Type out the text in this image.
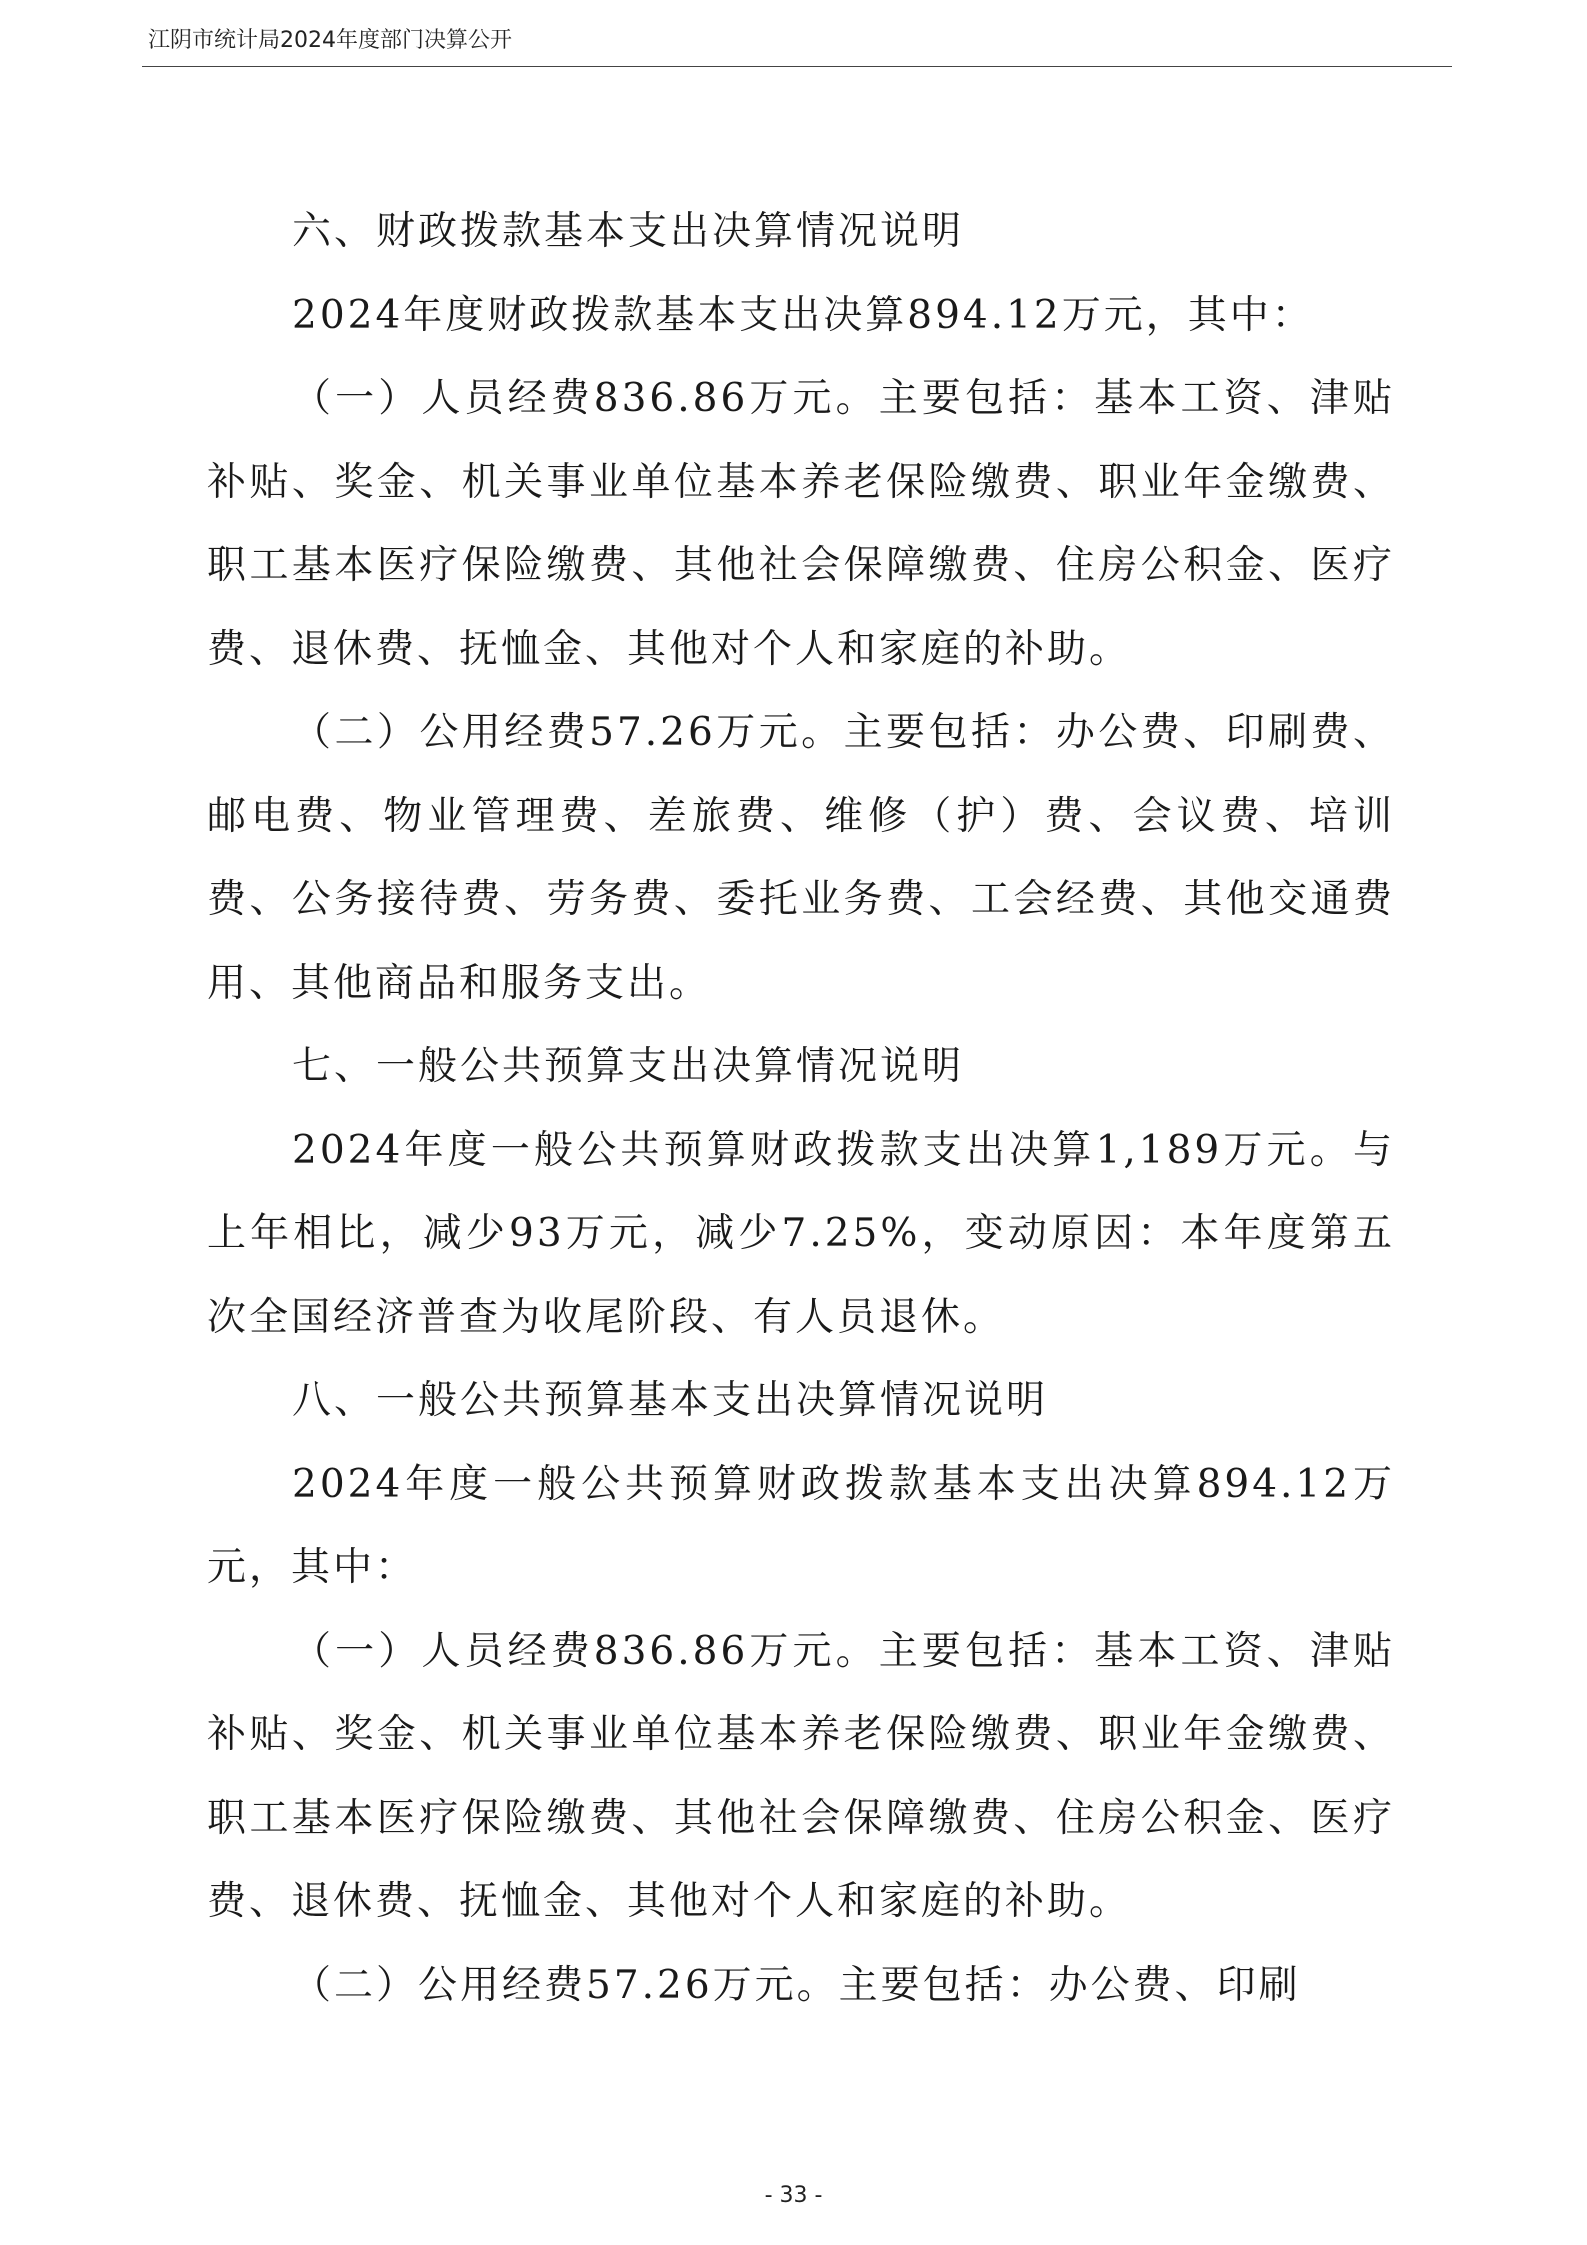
江阴市统计局2024年度部门决算公开

六、财政拨款基本支出决算情况说明

2024年度财政拨款基本支出决算894.12万元，其中：

（一）人员经费836.86万元。主要包括：基本工资、津贴补贴、奖金、机关事业单位基本养老保险缴费、职业年金缴费、职工基本医疗保险缴费、其他社会保障缴费、住房公积金、医疗费、退休费、抚恤金、其他对个人和家庭的补助。

（二）公用经费57.26万元。主要包括：办公费、印刷费、邮电费、物业管理费、差旅费、维修（护）费、会议费、培训费、公务接待费、劳务费、委托业务费、工会经费、其他交通费用、其他商品和服务支出。

七、一般公共预算支出决算情况说明

2024年度一般公共预算财政拨款支出决算1,189万元。与上年相比，减少93万元，减少7.25%，变动原因：本年度第五次全国经济普查为收尾阶段、有人员退休。

八、一般公共预算基本支出决算情况说明

2024年度一般公共预算财政拨款基本支出决算894.12万元，其中：

（一）人员经费836.86万元。主要包括：基本工资、津贴补贴、奖金、机关事业单位基本养老保险缴费、职业年金缴费、职工基本医疗保险缴费、其他社会保障缴费、住房公积金、医疗费、退休费、抚恤金、其他对个人和家庭的补助。

（二）公用经费57.26万元。主要包括：办公费、印刷

- 33 -
